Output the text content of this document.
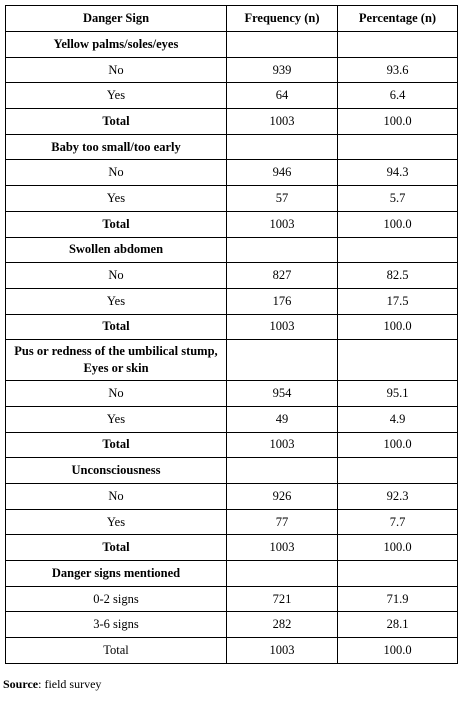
Danger Sign	Frequency (n)	Percentage (n)
Yellow palms/soles/eyes		
No	939	93.6
Yes	64	6.4
Total	1003	100.0
Baby too small/too early		
No	946	94.3
Yes	57	5.7
Total	1003	100.0
Swollen abdomen		
No	827	82.5
Yes	176	17.5
Total	1003	100.0
Pus or redness of the umbilical stump, Eyes or skin		
No	954	95.1
Yes	49	4.9
Total	1003	100.0
Unconsciousness		
No	926	92.3
Yes	77	7.7
Total	1003	100.0
Danger signs mentioned		
0-2 signs	721	71.9
3-6 signs	282	28.1
Total	1003	100.0
Source: field survey
